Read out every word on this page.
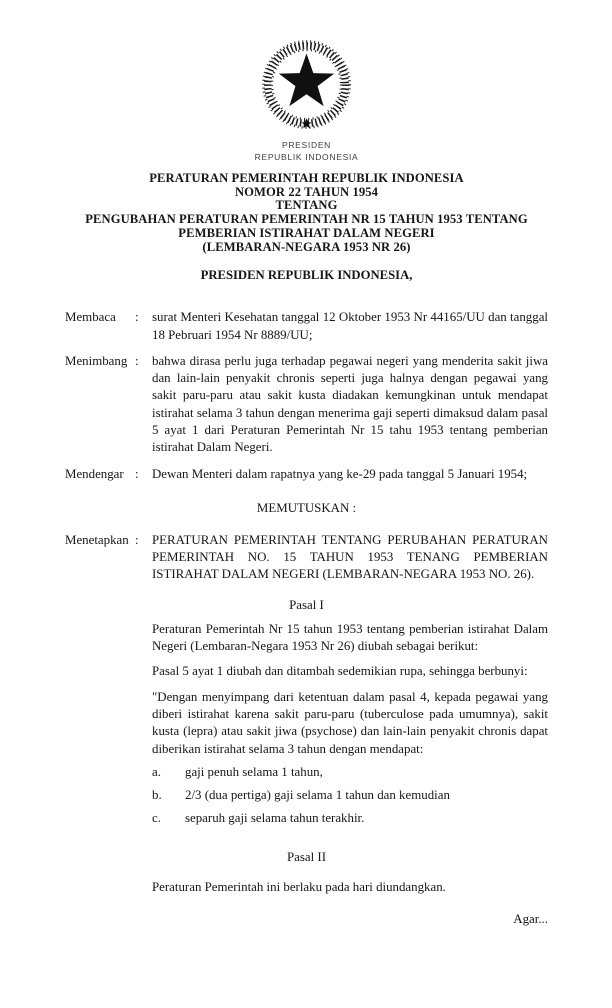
PRESIDEN
REPUBLIK INDONESIA
PERATURAN PEMERINTAH REPUBLIK INDONESIA
NOMOR 22 TAHUN 1954
TENTANG
PENGUBAHAN PERATURAN PEMERINTAH NR 15 TAHUN 1953 TENTANG
PEMBERIAN ISTIRAHAT DALAM NEGERI
(LEMBARAN-NEGARA 1953 NR 26)
PRESIDEN REPUBLIK INDONESIA,
Membaca	:	surat Menteri Kesehatan tanggal 12 Oktober 1953 Nr 44165/UU dan tanggal 18 Pebruari 1954 Nr 8889/UU;
Menimbang :	bahwa dirasa perlu juga terhadap pegawai negeri yang menderita sakit jiwa dan lain-lain penyakit chronis seperti juga halnya dengan pegawai yang sakit paru-paru atau sakit kusta diadakan kemungkinan untuk mendapat istirahat selama 3 tahun dengan menerima gaji seperti dimaksud dalam pasal 5 ayat 1 dari Peraturan Pemerintah Nr 15 tahu 1953 tentang pemberian istirahat Dalam Negeri.
Mendengar :	Dewan Menteri dalam rapatnya yang ke-29 pada tanggal 5 Januari 1954;
MEMUTUSKAN :
Menetapkan :	PERATURAN PEMERINTAH TENTANG PERUBAHAN PERATURAN PEMERINTAH NO. 15 TAHUN 1953 TENANG PEMBERIAN ISTIRAHAT DALAM NEGERI (LEMBARAN-NEGARA 1953 NO. 26).
Pasal I

Peraturan Pemerintah Nr 15 tahun 1953 tentang pemberian istirahat Dalam Negeri (Lembaran-Negara 1953 Nr 26) diubah sebagai berikut:

Pasal 5 ayat 1 diubah dan ditambah sedemikian rupa, sehingga berbunyi:

"Dengan menyimpang dari ketentuan dalam pasal 4, kepada pegawai yang diberi istirahat karena sakit paru-paru (tuberculose pada umumnya), sakit kusta (lepra) atau sakit jiwa (psychose) dan lain-lain penyakit chronis dapat diberikan istirahat selama 3 tahun dengan mendapat:

a.	gaji penuh selama 1 tahun,
b.	2/3 (dua pertiga) gaji selama 1 tahun dan kemudian
c.	separuh gaji selama tahun terakhir.
Pasal II

Peraturan Pemerintah ini berlaku pada hari diundangkan.

Agar...
